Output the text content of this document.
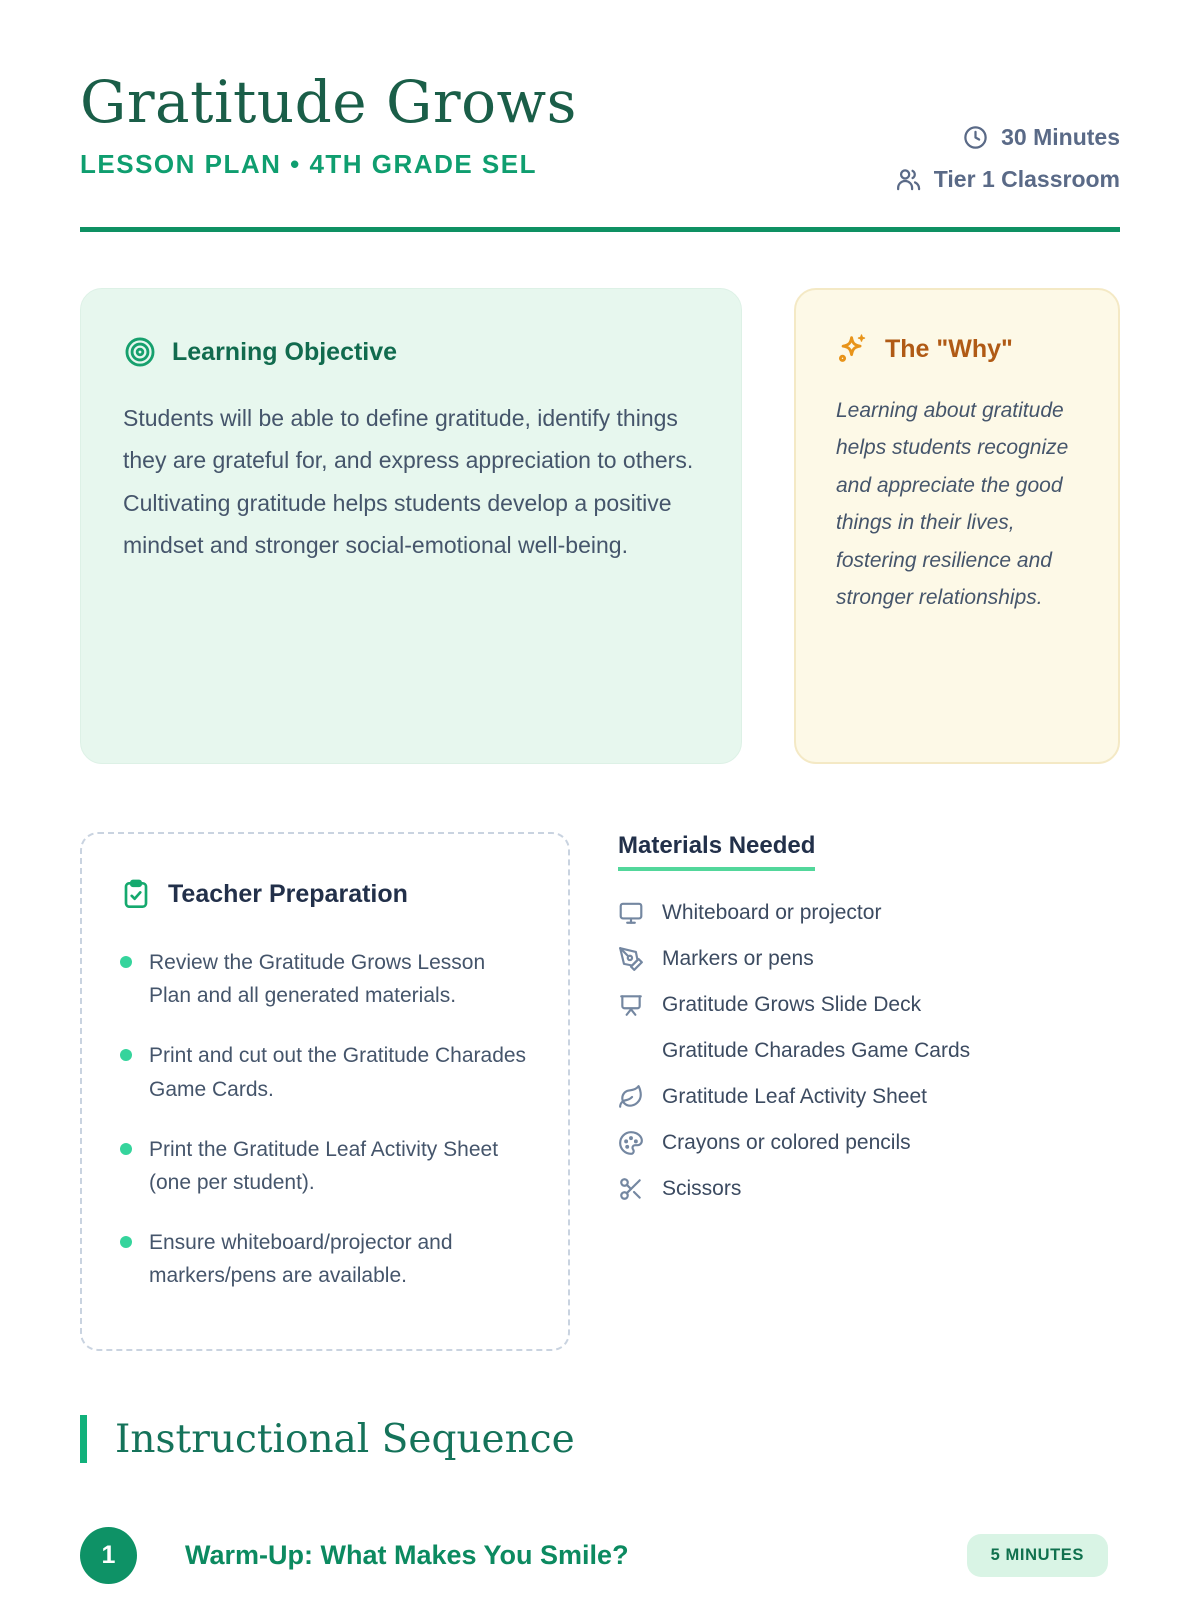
Gratitude Grows
LESSON PLAN • 4TH GRADE SEL
30 Minutes
Tier 1 Classroom
Learning Objective

Students will be able to define gratitude, identify things they are grateful for, and express appreciation to others. Cultivating gratitude helps students develop a positive mindset and stronger social-emotional well-being.

The "Why"

Learning about gratitude helps students recognize and appreciate the good things in their lives, fostering resilience and stronger relationships.

Teacher Preparation
Review the Gratitude Grows Lesson Plan and all generated materials.
Print and cut out the Gratitude Charades Game Cards.
Print the Gratitude Leaf Activity Sheet (one per student).
Ensure whiteboard/projector and markers/pens are available.
Materials Needed
Whiteboard or projector
Markers or pens
Gratitude Grows Slide Deck
Gratitude Charades Game Cards
Gratitude Leaf Activity Sheet
Crayons or colored pencils
Scissors
Instructional Sequence
1	Warm-Up: What Makes You Smile?	5 MINUTES
